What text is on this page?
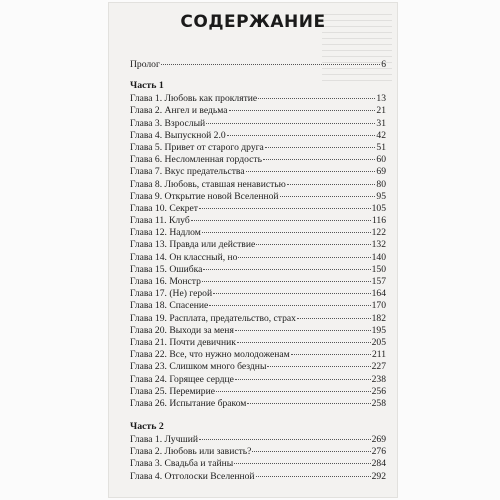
СОДЕРЖАНИЕ
Пролог	6
Часть 1
Глава 1. Любовь как проклятие	13
Глава 2. Ангел и ведьма	21
Глава 3. Взрослый	31
Глава 4. Выпускной 2.0	42
Глава 5. Привет от старого друга	51
Глава 6. Несломленная гордость	60
Глава 7. Вкус предательства	69
Глава 8. Любовь, ставшая ненавистью	80
Глава 9. Открытие новой Вселенной	95
Глава 10. Секрет	105
Глава 11. Клуб	116
Глава 12. Надлом	122
Глава 13. Правда или действие	132
Глава 14. Он классный, но	140
Глава 15. Ошибка	150
Глава 16. Монстр	157
Глава 17. (Не) герой	164
Глава 18. Спасение	170
Глава 19. Расплата, предательство, страх	182
Глава 20. Выходи за меня	195
Глава 21. Почти девичник	205
Глава 22. Все, что нужно молодоженам	211
Глава 23. Слишком много бездны	227
Глава 24. Горящее сердце	238
Глава 25. Перемирие	256
Глава 26. Испытание браком	258
Часть 2
Глава 1. Лучший	269
Глава 2. Любовь или зависть?	276
Глава 3. Свадьба и тайны	284
Глава 4. Отголоски Вселенной	292
